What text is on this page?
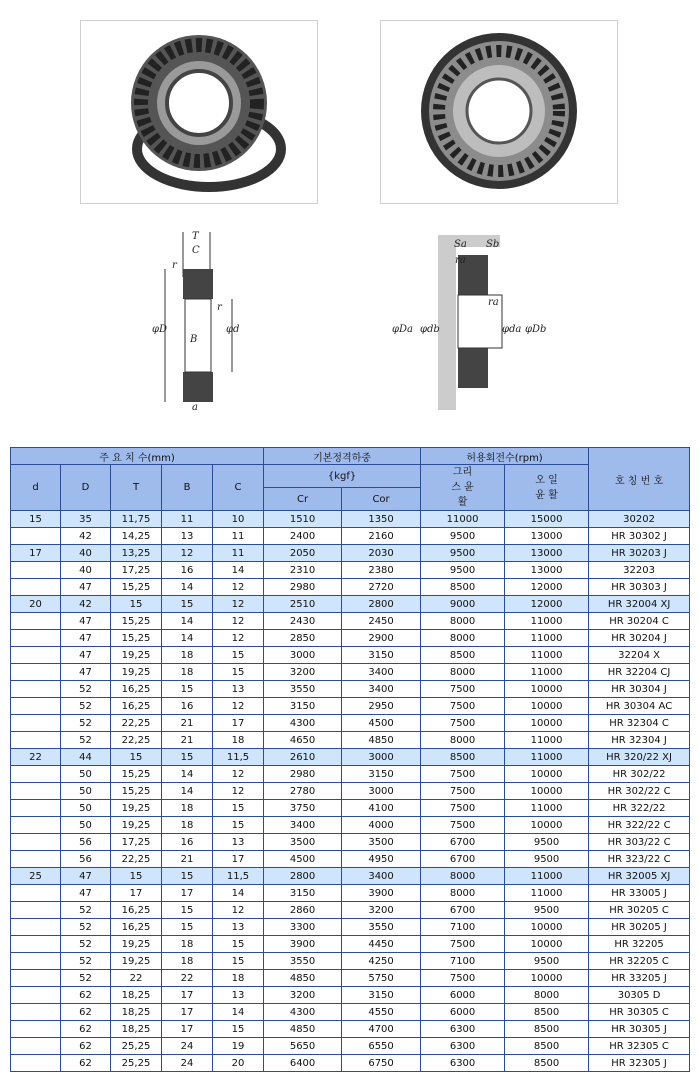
T
C
r
B
r
φD	φd
a
Sa Sb
ra
ra
φDa φdb	φda φDb
주 요 치 수(mm)					기본정격하중		허용회전수(rpm)		호 칭 번 호
d	D	T	B	C	{kgf}		그리스 윤 활	오 일 윤 활	
					Cr	Cor			
15	35	11,75	11	10	1510	1350	11000	15000	30202
	42	14,25	13	11	2400	2160	9500	13000	HR 30302 J
17	40	13,25	12	11	2050	2030	9500	13000	HR 30203 J
	40	17,25	16	14	2310	2380	9500	13000	32203
	47	15,25	14	12	2980	2720	8500	12000	HR 30303 J
20	42	15	15	12	2510	2800	9000	12000	HR 32004 XJ
	47	15,25	14	12	2430	2450	8000	11000	HR 30204 C
	47	15,25	14	12	2850	2900	8000	11000	HR 30204 J
	47	19,25	18	15	3000	3150	8500	11000	32204 X
	47	19,25	18	15	3200	3400	8000	11000	HR 32204 CJ
	52	16,25	15	13	3550	3400	7500	10000	HR 30304 J
	52	16,25	16	12	3150	2950	7500	10000	HR 30304 AC
	52	22,25	21	17	4300	4500	7500	10000	HR 32304 C
	52	22,25	21	18	4650	4850	8000	11000	HR 32304 J
22	44	15	15	11,5	2610	3000	8500	11000	HR 320/22 XJ
	50	15,25	14	12	2980	3150	7500	10000	HR 302/22
	50	15,25	14	12	2780	3000	7500	10000	HR 302/22 C
	50	19,25	18	15	3750	4100	7500	11000	HR 322/22
	50	19,25	18	15	3400	4000	7500	10000	HR 322/22 C
	56	17,25	16	13	3500	3500	6700	9500	HR 303/22 C
	56	22,25	21	17	4500	4950	6700	9500	HR 323/22 C
25	47	15	15	11,5	2800	3400	8000	11000	HR 32005 XJ
	47	17	17	14	3150	3900	8000	11000	HR 33005 J
	52	16,25	15	12	2860	3200	6700	9500	HR 30205 C
	52	16,25	15	13	3300	3550	7100	10000	HR 30205 J
	52	19,25	18	15	3900	4450	7500	10000	HR 32205
	52	19,25	18	15	3550	4250	7100	9500	HR 32205 C
	52	22	22	18	4850	5750	7500	10000	HR 33205 J
	62	18,25	17	13	3200	3150	6000	8000	30305 D
	62	18,25	17	14	4300	4550	6000	8500	HR 30305 C
	62	18,25	17	15	4850	4700	6300	8500	HR 30305 J
	62	25,25	24	19	5650	6550	6300	8500	HR 32305 C
	62	25,25	24	20	6400	6750	6300	8500	HR 32305 J
